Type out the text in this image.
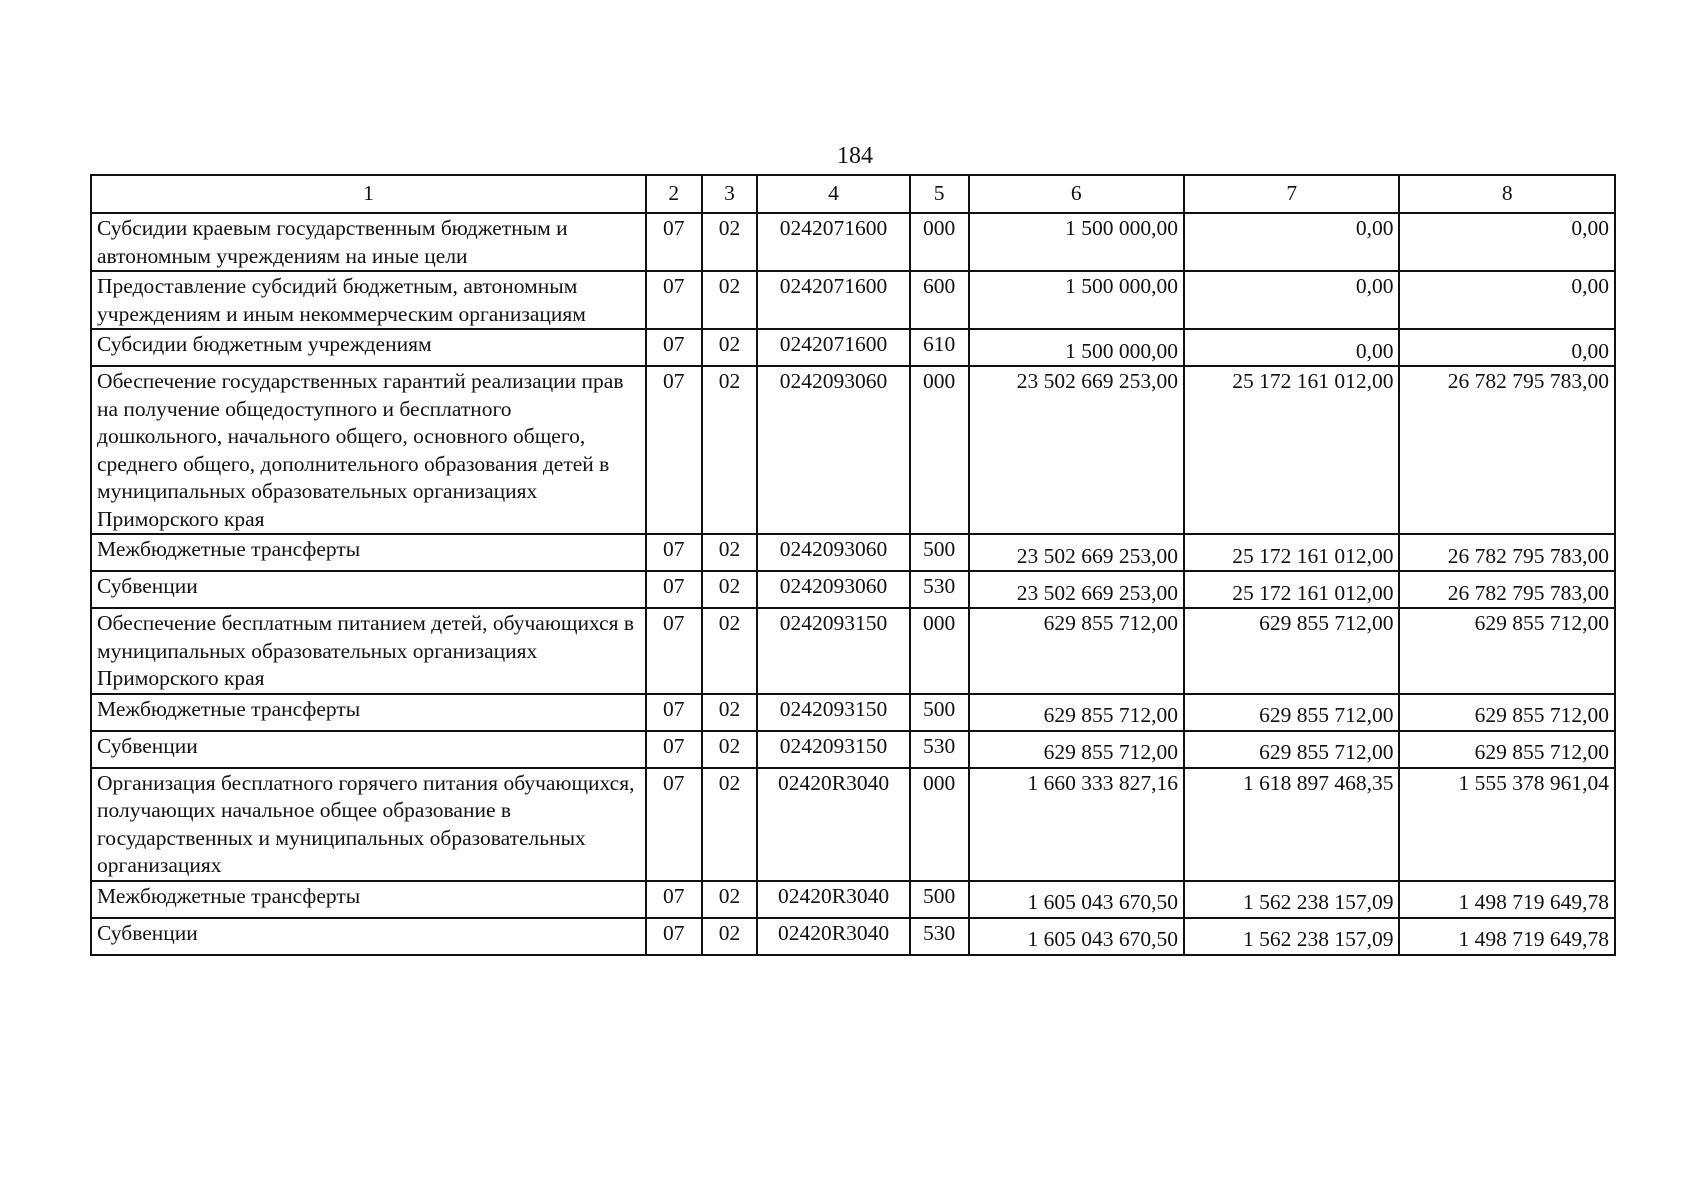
184
1	2	3	4	5	6	7	8
Субсидии краевым государственным бюджетным и автономным учреждениям на иные цели	07	02	0242071600	000	1 500 000,00	0,00	0,00
Предоставление субсидий бюджетным, автономным учреждениям и иным некоммерческим организациям	07	02	0242071600	600	1 500 000,00	0,00	0,00
Субсидии бюджетным учреждениям	07	02	0242071600	610	1 500 000,00	0,00	0,00
Обеспечение государственных гарантий реализации прав на получение общедоступного и бесплатного дошкольного, начального общего, основного общего, среднего общего, дополнительного образования детей в муниципальных образовательных организациях Приморского края	07	02	0242093060	000	23 502 669 253,00	25 172 161 012,00	26 782 795 783,00
Межбюджетные трансферты	07	02	0242093060	500	23 502 669 253,00	25 172 161 012,00	26 782 795 783,00
Субвенции	07	02	0242093060	530	23 502 669 253,00	25 172 161 012,00	26 782 795 783,00
Обеспечение бесплатным питанием детей, обучающихся в муниципальных образовательных организациях Приморского края	07	02	0242093150	000	629 855 712,00	629 855 712,00	629 855 712,00
Межбюджетные трансферты	07	02	0242093150	500	629 855 712,00	629 855 712,00	629 855 712,00
Субвенции	07	02	0242093150	530	629 855 712,00	629 855 712,00	629 855 712,00
Организация бесплатного горячего питания обучающихся, получающих начальное общее образование в государственных и муниципальных образовательных организациях	07	02	02420R3040	000	1 660 333 827,16	1 618 897 468,35	1 555 378 961,04
Межбюджетные трансферты	07	02	02420R3040	500	1 605 043 670,50	1 562 238 157,09	1 498 719 649,78
Субвенции	07	02	02420R3040	530	1 605 043 670,50	1 562 238 157,09	1 498 719 649,78
